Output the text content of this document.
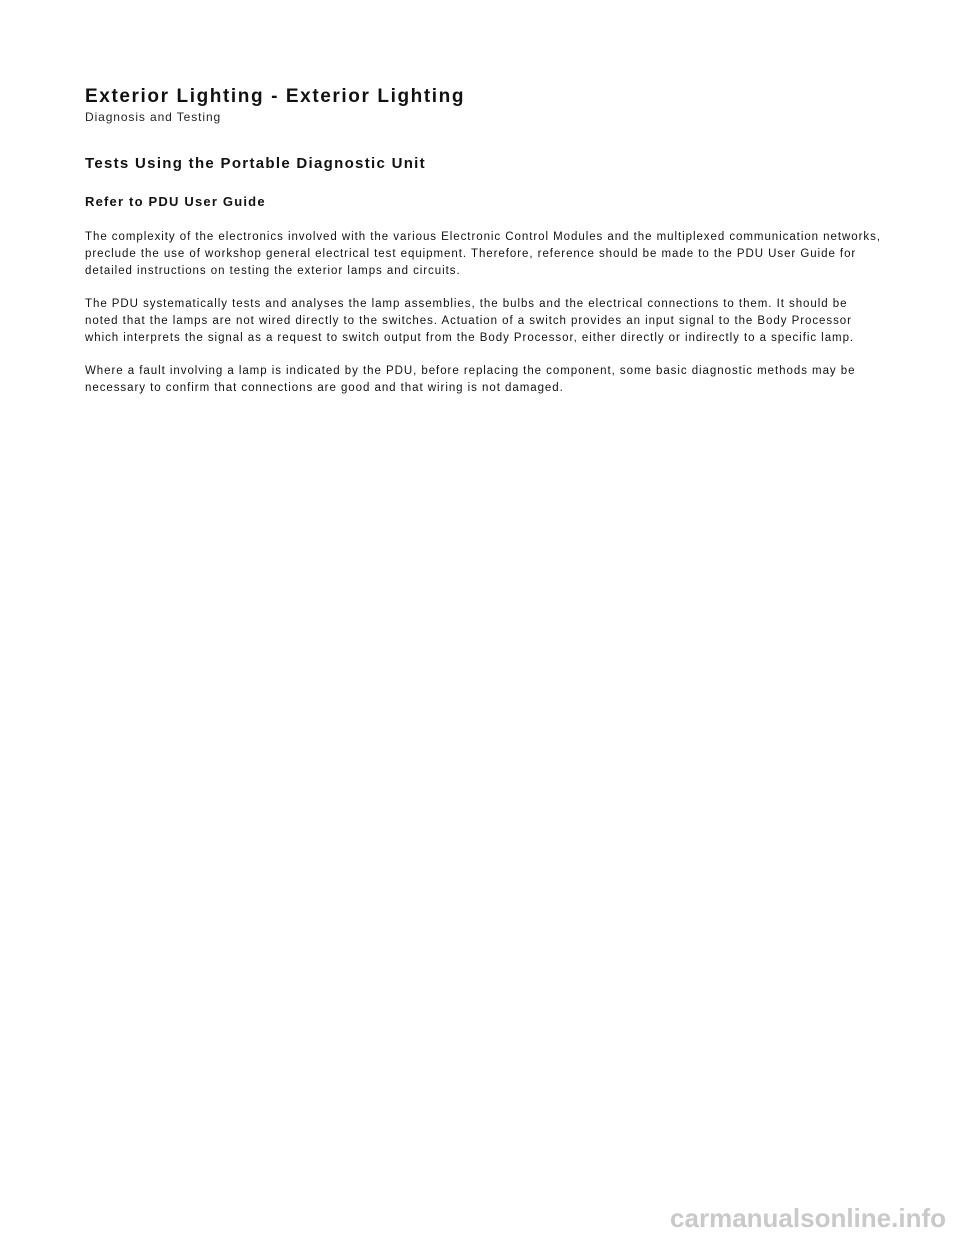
Exterior Lighting - Exterior Lighting

Diagnosis and Testing

Tests Using the Portable Diagnostic Unit
Refer to PDU User Guide

The complexity of the electronics involved with the various Electronic Control Modules and the multiplexed communication networks, preclude the use of workshop general electrical test equipment. Therefore, reference should be made to the PDU User Guide for detailed instructions on testing the exterior lamps and circuits.

The PDU systematically tests and analyses the lamp assemblies, the bulbs and the electrical connections to them. It should be noted that the lamps are not wired directly to the switches. Actuation of a switch provides an input signal to the Body Processor which interprets the signal as a request to switch output from the Body Processor, either directly or indirectly to a specific lamp.

Where a fault involving a lamp is indicated by the PDU, before replacing the component, some basic diagnostic methods may be necessary to confirm that connections are good and that wiring is not damaged.

carmanualsonline.info
